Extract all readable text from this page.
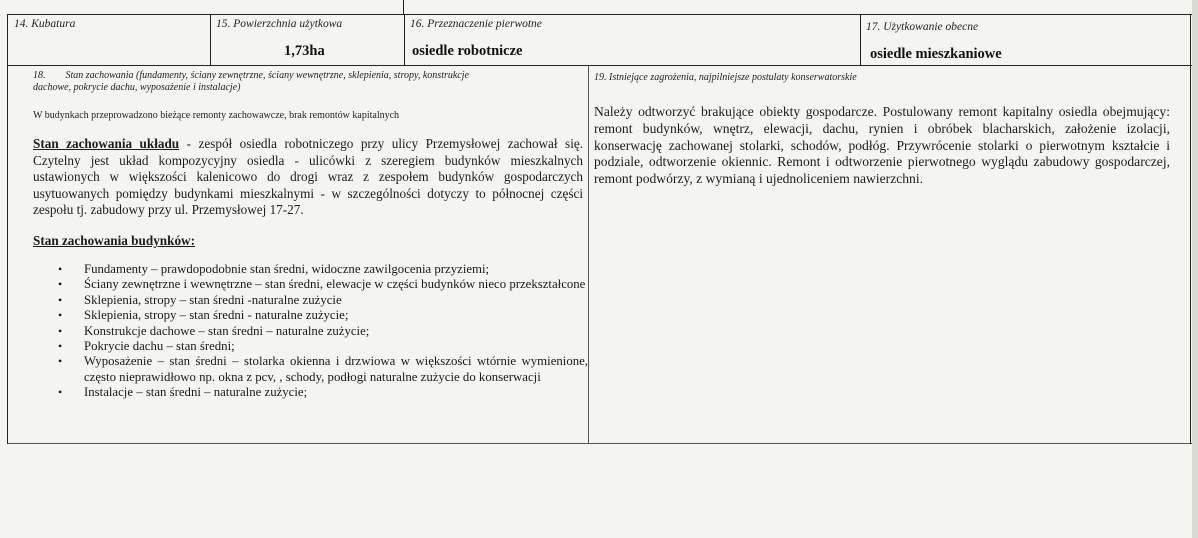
14. Kubatura	15. Powierzchnia użytkowa
1,73ha
16. Przeznaczenie pierwotne
osiedle robotnicze
17. Użytkowanie obecne
osiedle mieszkaniowe
18.        Stan zachowania (fundamenty, ściany zewnętrzne, ściany wewnętrzne, sklepienia, stropy, konstrukcje
dachowe, pokrycie dachu, wyposażenie i instalacje)
W budynkach przeprowadzono bieżące remonty zachowawcze, brak remontów kapitalnych
Stan zachowania układu - zespół osiedla robotniczego przy ulicy Przemysłowej zachował się. Czytelny jest układ kompozycyjny osiedla - ulicówki z szeregiem budynków mieszkalnych ustawionych w większości kalenicowo do drogi wraz z zespołem budynków gospodarczych usytuowanych pomiędzy budynkami mieszkalnymi - w szczególności dotyczy to północnej części zespołu tj. zabudowy przy ul. Przemysłowej 17-27.
Stan zachowania budynków:
• Fundamenty – prawdopodobnie stan średni, widoczne zawilgocenia przyziemi;
• Ściany zewnętrzne i wewnętrzne – stan średni, elewacje w części budynków nieco przekształcone
• Sklepienia, stropy – stan średni -naturalne zużycie
• Sklepienia, stropy – stan średni - naturalne zużycie;
• Konstrukcje dachowe – stan średni – naturalne zużycie;
• Pokrycie dachu – stan średni;
• Wyposażenie – stan średni – stolarka okienna i drzwiowa w większości wtórnie wymienione, często nieprawidłowo np. okna z pcv, , schody, podłogi naturalne zużycie do konserwacji
• Instalacje – stan średni – naturalne zużycie;
19. Istniejące zagrożenia, najpilniejsze postulaty konserwatorskie
Należy odtworzyć brakujące obiekty gospodarcze. Postulowany remont kapitalny osiedla obejmujący: remont budynków, wnętrz, elewacji, dachu, rynien i obróbek blacharskich, założenie izolacji, konserwację zachowanej stolarki, schodów, podłóg. Przywrócenie stolarki o pierwotnym kształcie i podziale, odtworzenie okiennic. Remont i odtworzenie pierwotnego wyglądu zabudowy gospodarczej, remont podwórzy, z wymianą i ujednoliceniem nawierzchni.
